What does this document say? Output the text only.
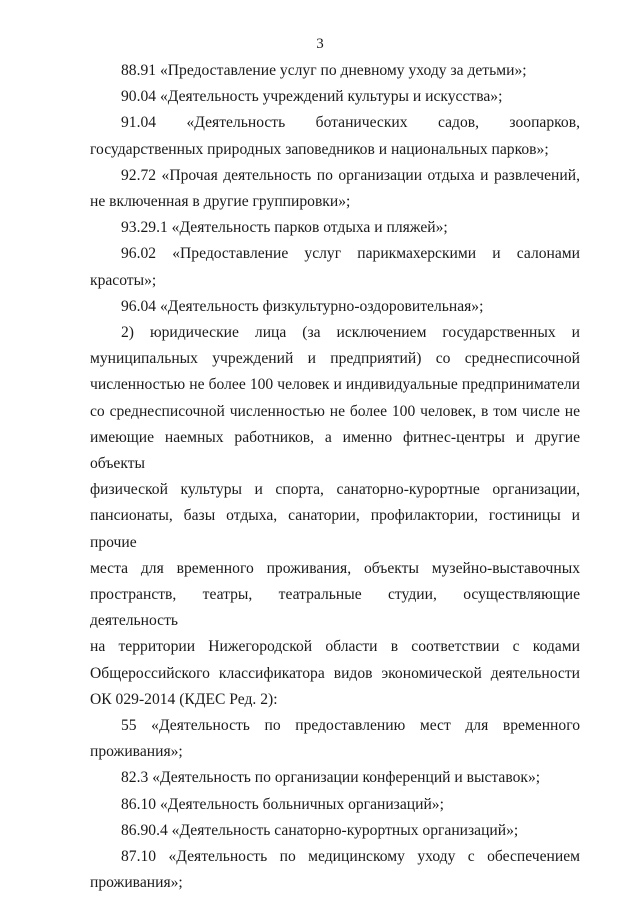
3
88.91 «Предоставление услуг по дневному уходу за детьми»;
90.04 «Деятельность учреждений культуры и искусства»;
91.04 «Деятельность ботанических садов, зоопарков,
государственных природных заповедников и национальных парков»;
92.72 «Прочая деятельность по организации отдыха и развлечений,
не включенная в другие группировки»;
93.29.1 «Деятельность парков отдыха и пляжей»;
96.02 «Предоставление услуг парикмахерскими и салонами
красоты»;
96.04 «Деятельность физкультурно-оздоровительная»;
2) юридические лица (за исключением государственных и
муниципальных учреждений и предприятий) со среднесписочной
численностью не более 100 человек и индивидуальные предприниматели
со среднесписочной численностью не более 100 человек, в том числе не
имеющие наемных работников, а именно фитнес-центры и другие объекты
физической культуры и спорта, санаторно-курортные организации,
пансионаты, базы отдыха, санатории, профилактории, гостиницы и прочие
места для временного проживания, объекты музейно-выставочных
пространств, театры, театральные студии, осуществляющие деятельность
на территории Нижегородской области в соответствии с кодами
Общероссийского классификатора видов экономической деятельности
ОК 029-2014 (КДЕС Ред. 2):
55 «Деятельность по предоставлению мест для временного
проживания»;
82.3 «Деятельность по организации конференций и выставок»;
86.10 «Деятельность больничных организаций»;
86.90.4 «Деятельность санаторно-курортных организаций»;
87.10 «Деятельность по медицинскому уходу с обеспечением
проживания»;
